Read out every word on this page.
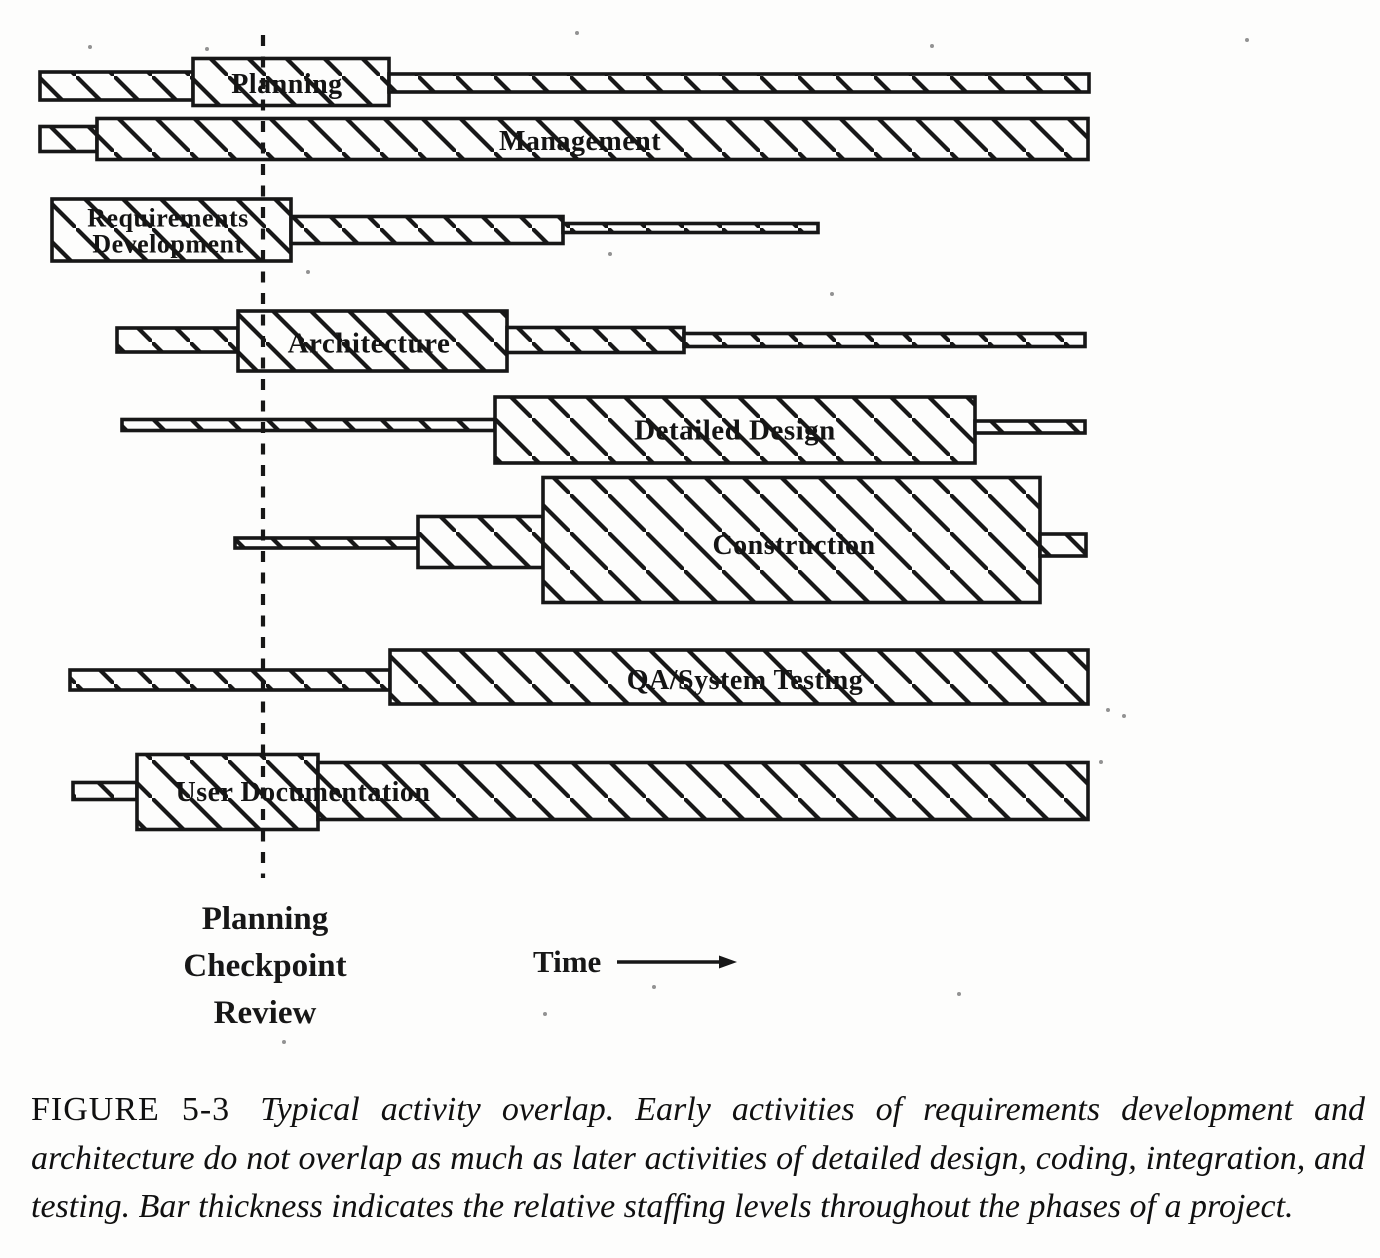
Planning
Management
Requirements
Development
Architecture
Detailed Design
Construction
QA/System Testing
User Documentation
Planning
Checkpoint
Review
Time

FIGURE 5-3 Typical activity overlap. Early activities of requirements development and architecture do not overlap as much as later activities of detailed design, coding, integration, and testing. Bar thickness indicates the relative staffing levels throughout the phases of a project.
